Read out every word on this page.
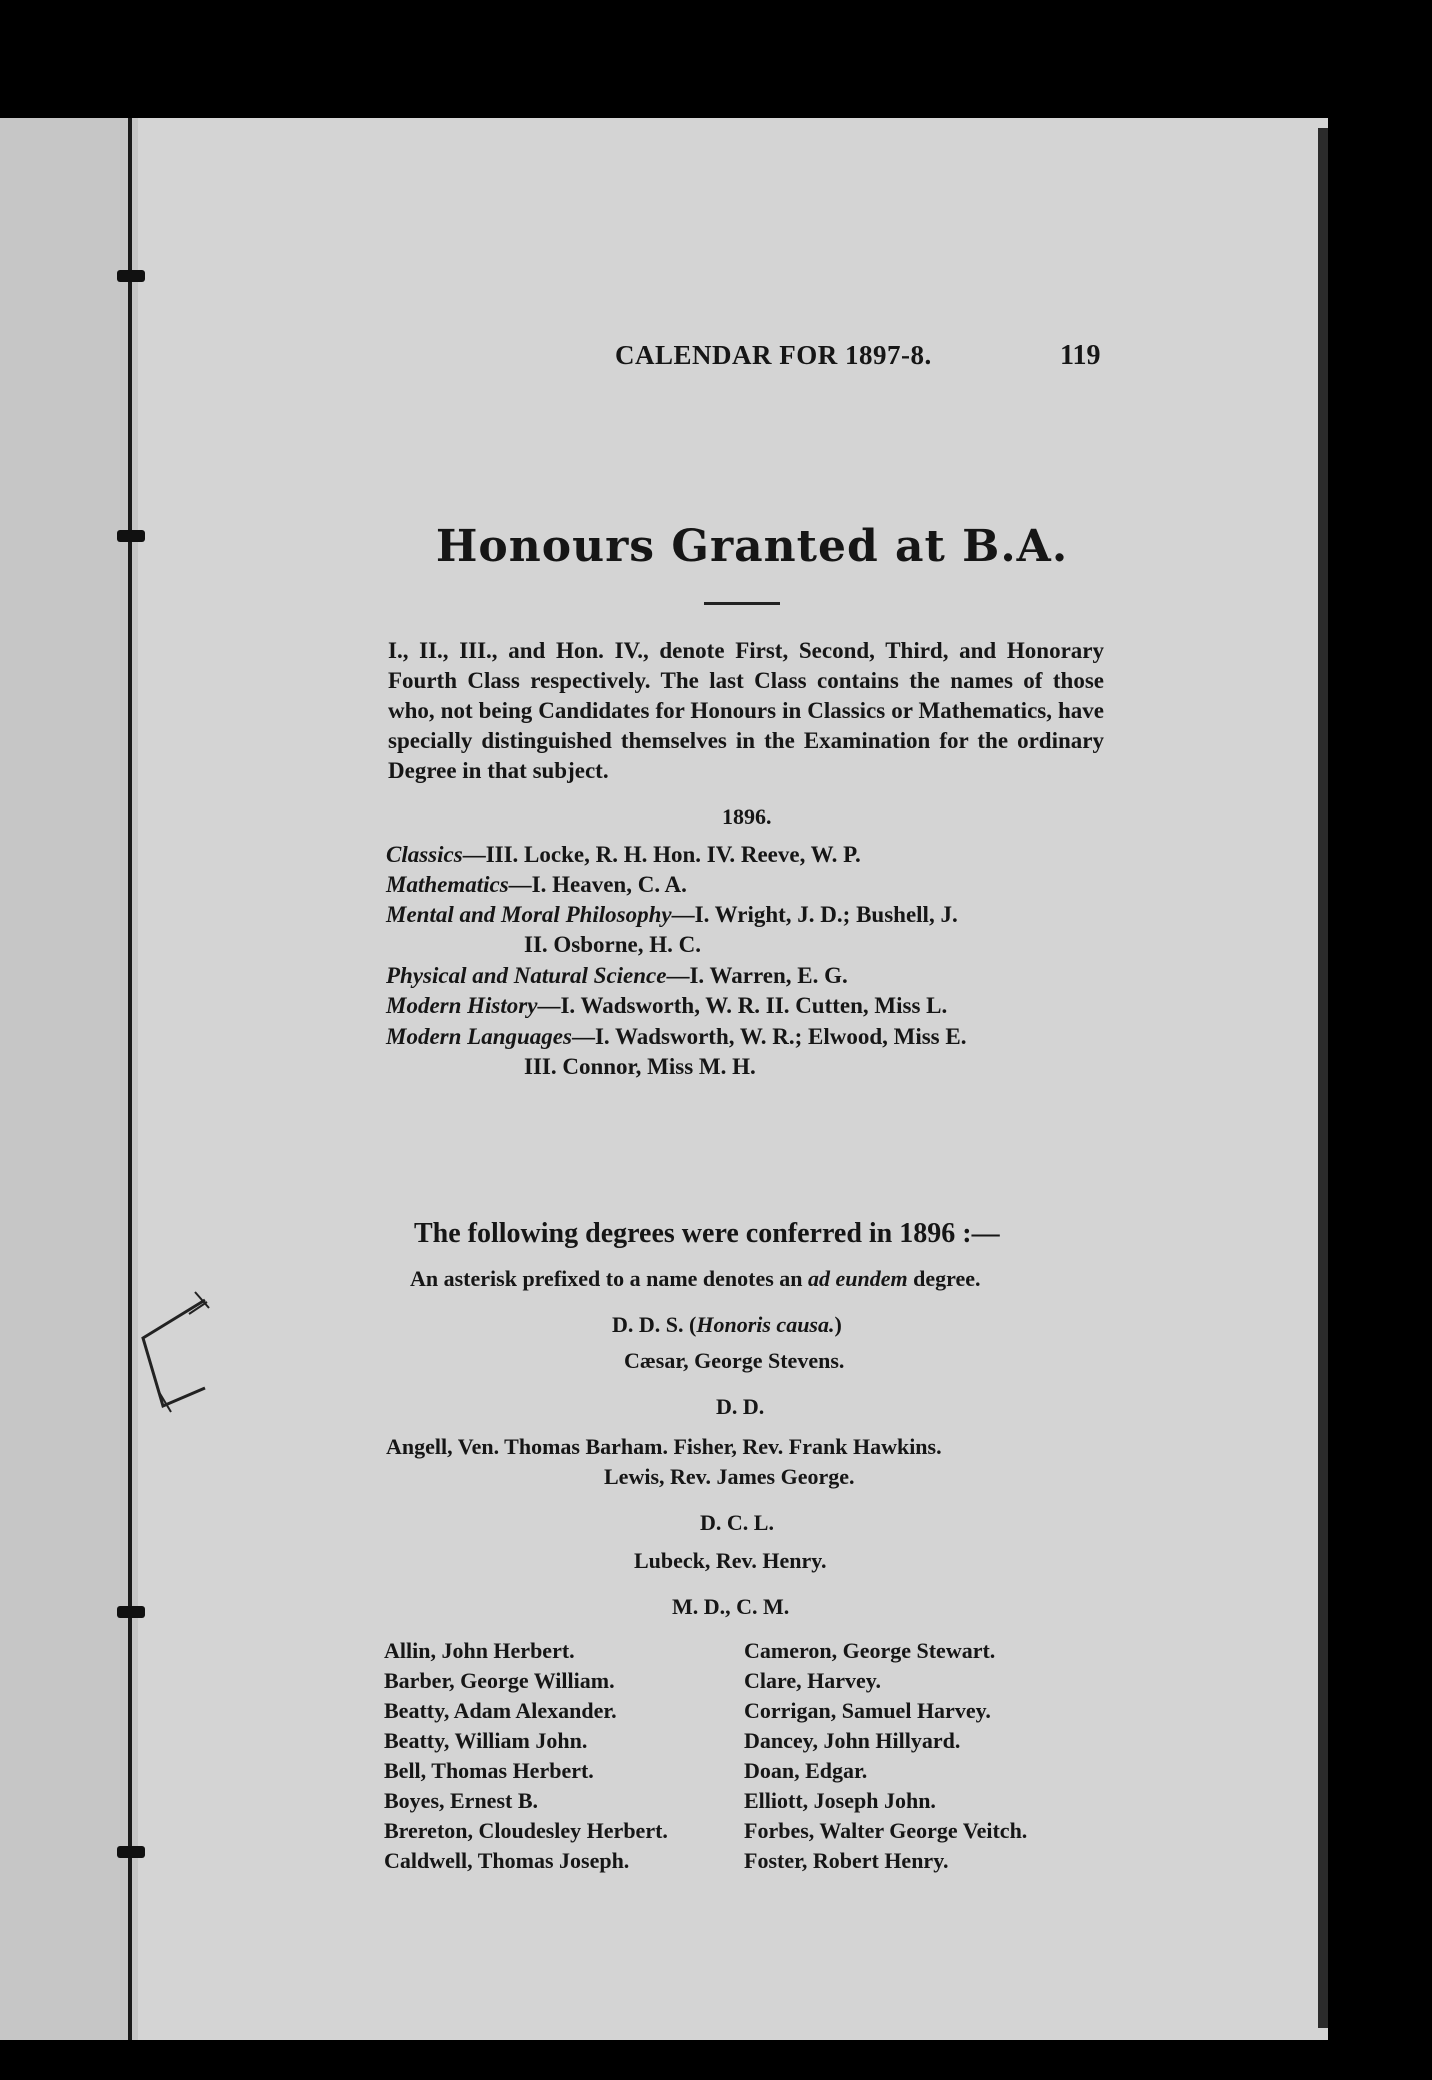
CALENDAR FOR 1897-8.	119
Honours Granted at B.A.
I., II., III., and Hon. IV., denote First, Second, Third, and Honorary Fourth Class respectively. The last Class contains the names of those who, not being Candidates for Honours in Classics or Mathematics, have specially distinguished themselves in the Examination for the ordinary Degree in that subject.
1896.
Classics—III. Locke, R. H. Hon. IV. Reeve, W. P.
Mathematics—I. Heaven, C. A.
Mental and Moral Philosophy—I. Wright, J. D.; Bushell, J.
II. Osborne, H. C.
Physical and Natural Science—I. Warren, E. G.
Modern History—I. Wadsworth, W. R. II. Cutten, Miss L.
Modern Languages—I. Wadsworth, W. R.; Elwood, Miss E.
III. Connor, Miss M. H.
The following degrees were conferred in 1896 :—
An asterisk prefixed to a name denotes an ad eundem degree.
D. D. S. (Honoris causa.)
Cæsar, George Stevens.
D. D.
Angell, Ven. Thomas Barham. Fisher, Rev. Frank Hawkins.
Lewis, Rev. James George.
D. C. L.
Lubeck, Rev. Henry.
M. D., C. M.
Allin, John Herbert.
Barber, George William.
Beatty, Adam Alexander.
Beatty, William John.
Bell, Thomas Herbert.
Boyes, Ernest B.
Brereton, Cloudesley Herbert.
Caldwell, Thomas Joseph.
Cameron, George Stewart.
Clare, Harvey.
Corrigan, Samuel Harvey.
Dancey, John Hillyard.
Doan, Edgar.
Elliott, Joseph John.
Forbes, Walter George Veitch.
Foster, Robert Henry.
